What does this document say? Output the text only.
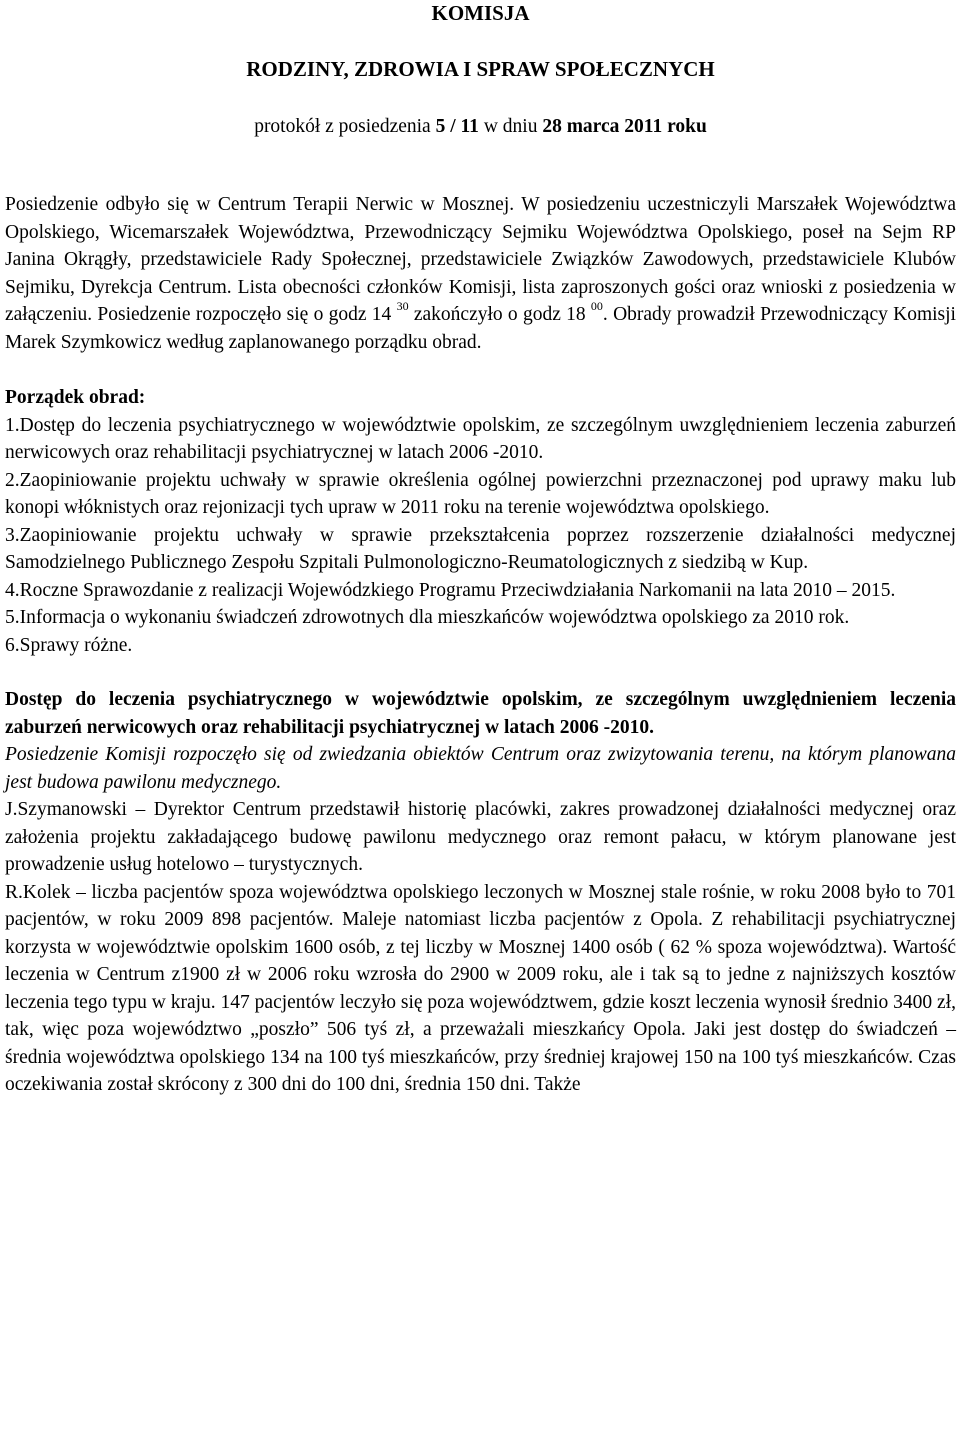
KOMISJA
RODZINY, ZDROWIA I SPRAW SPOŁECZNYCH
protokół z posiedzenia 5 / 11 w dniu 28 marca 2011 roku

Posiedzenie odbyło się w Centrum Terapii Nerwic w Mosznej. W posiedzeniu uczestniczyli Marszałek Województwa Opolskiego, Wicemarszałek Województwa, Przewodniczący Sejmiku Województwa Opolskiego, poseł na Sejm RP Janina Okrągły, przedstawiciele Rady Społecznej, przedstawiciele Związków Zawodowych, przedstawiciele Klubów Sejmiku, Dyrekcja Centrum. Lista obecności członków Komisji, lista zaproszonych gości oraz wnioski z posiedzenia w załączeniu. Posiedzenie rozpoczęło się o godz 14 $^{30}$ zakończyło o godz 18 $^{00}$. Obrady prowadził Przewodniczący Komisji Marek Szymkowicz według zaplanowanego porządku obrad.

Porządek obrad:

1.Dostęp do leczenia psychiatrycznego w województwie opolskim, ze szczególnym uwzględnieniem leczenia zaburzeń nerwicowych oraz rehabilitacji psychiatrycznej w latach 2006 -2010.

2.Zaopiniowanie projektu uchwały w sprawie określenia ogólnej powierzchni przeznaczonej pod uprawy maku lub konopi włóknistych oraz rejonizacji tych upraw w 2011 roku na terenie województwa opolskiego.

3.Zaopiniowanie projektu uchwały w sprawie przekształcenia poprzez rozszerzenie działalności medycznej Samodzielnego Publicznego Zespołu Szpitali Pulmonologiczno-Reumatologicznych z siedzibą w Kup.

4.Roczne Sprawozdanie z realizacji Wojewódzkiego Programu Przeciwdziałania Narkomanii na lata 2010 – 2015.

5.Informacja o wykonaniu świadczeń zdrowotnych dla mieszkańców województwa opolskiego za 2010 rok.

6.Sprawy różne.

Dostęp do leczenia psychiatrycznego w województwie opolskim, ze szczególnym uwzględnieniem leczenia zaburzeń nerwicowych oraz rehabilitacji psychiatrycznej w latach 2006 -2010.

Posiedzenie Komisji rozpoczęło się od zwiedzania obiektów Centrum oraz zwizytowania terenu, na którym planowana jest budowa pawilonu medycznego.

J.Szymanowski – Dyrektor Centrum przedstawił historię placówki, zakres prowadzonej działalności medycznej oraz założenia projektu zakładającego budowę pawilonu medycznego oraz remont pałacu, w którym planowane jest prowadzenie usług hotelowo – turystycznych.

R.Kolek – liczba pacjentów spoza województwa opolskiego leczonych w Mosznej stale rośnie, w roku 2008 było to 701 pacjentów, w roku 2009 898 pacjentów. Maleje natomiast liczba pacjentów z Opola. Z rehabilitacji psychiatrycznej korzysta w województwie opolskim 1600 osób, z tej liczby w Mosznej 1400 osób ( 62 % spoza województwa). Wartość leczenia w Centrum z1900 zł w 2006 roku wzrosła do 2900 w 2009 roku, ale i tak są to jedne z najniższych kosztów leczenia tego typu w kraju. 147 pacjentów leczyło się poza województwem, gdzie koszt leczenia wynosił średnio 3400 zł, tak, więc poza województwo „poszło” 506 tyś zł, a przeważali mieszkańcy Opola. Jaki jest dostęp do świadczeń – średnia województwa opolskiego 134 na 100 tyś mieszkańców, przy średniej krajowej 150 na 100 tyś mieszkańców. Czas oczekiwania został skrócony z 300 dni do 100 dni, średnia 150 dni. Także
